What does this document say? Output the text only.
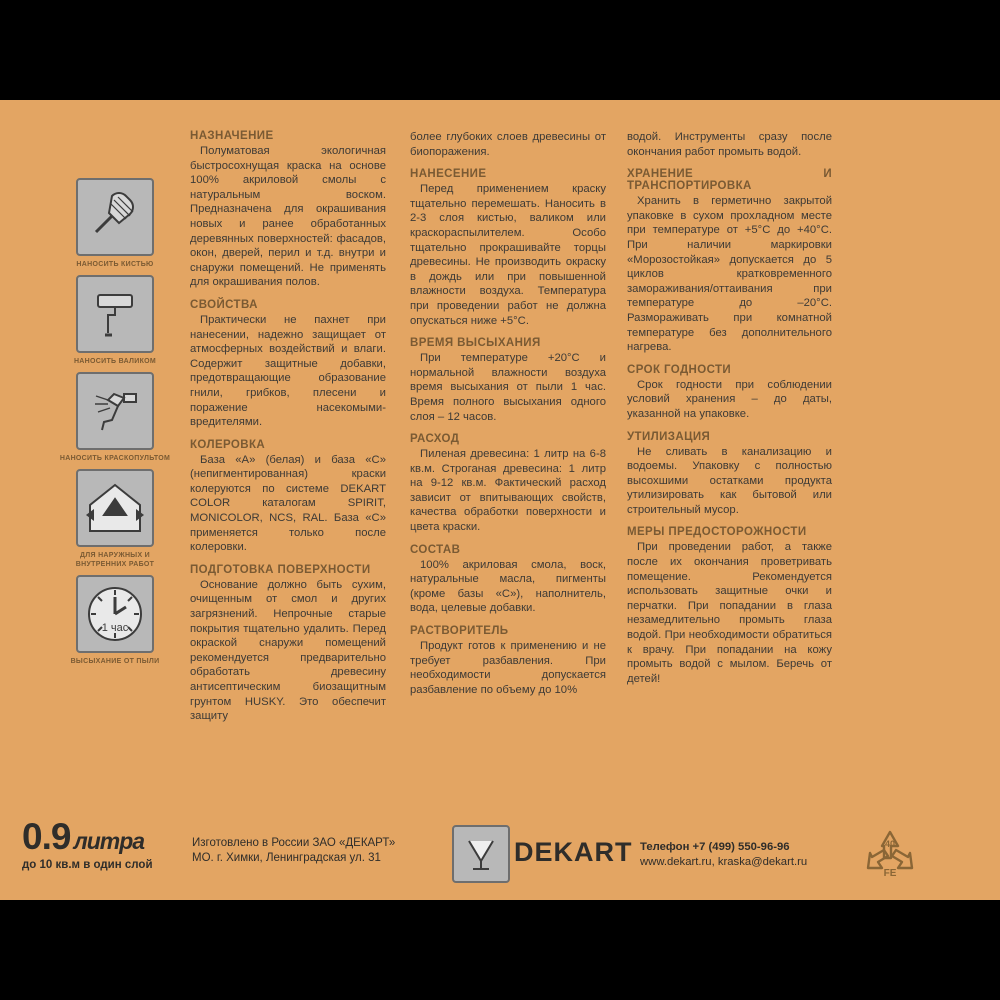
НАНОСИТЬ КИСТЬЮ
НАНОСИТЬ ВАЛИКОМ
НАНОСИТЬ КРАСКОПУЛЬТОМ
ДЛЯ НАРУЖНЫХ И ВНУТРЕННИХ РАБОТ
1 час
ВЫСЫХАНИЕ ОТ ПЫЛИ
НАЗНАЧЕНИЕ

Полуматовая экологичная быстросохнущая краска на основе 100% акриловой смолы с натуральным воском. Предназначена для окрашивания новых и ранее обработанных деревянных поверхностей: фасадов, окон, дверей, перил и т.д. внутри и снаружи помещений. Не применять для окрашивания полов.

СВОЙСТВА

Практически не пахнет при нанесении, надежно защищает от атмосферных воздействий и влаги. Содержит защитные добавки, предотвращающие образование гнили, грибков, плесени и поражение насекомыми-вредителями.

КОЛЕРОВКА

База «А» (белая) и база «С» (непигментированная) краски колеруются по системе DEKART COLOR каталогам SPIRIT, MONICOLOR, NCS, RAL. База «С» применяется только после колеровки.

ПОДГОТОВКА ПОВЕРХНОСТИ

Основание должно быть сухим, очищенным от смол и других загрязнений. Непрочные старые покрытия тщательно удалить. Перед окраской снаружи помещений рекомендуется предварительно обработать древесину антисептическим биозащитным грунтом HUSKY. Это обеспечит защиту

более глубоких слоев древесины от биопоражения.

НАНЕСЕНИЕ

Перед применением краску тщательно перемешать. Наносить в 2-3 слоя кистью, валиком или краскораспылителем. Особо тщательно прокрашивайте торцы древесины. Не производить окраску в дождь или при повышенной влажности воздуха. Температура при проведении работ не должна опускаться ниже +5°С.

ВРЕМЯ ВЫСЫХАНИЯ

При температуре +20°С и нормальной влажности воздуха время высыхания от пыли 1 час. Время полного высыхания одного слоя – 12 часов.

РАСХОД

Пиленая древесина: 1 литр на 6-8 кв.м. Строганая древесина: 1 литр на 9-12 кв.м. Фактический расход зависит от впитывающих свойств, качества обработки поверхности и цвета краски.

СОСТАВ

100% акриловая смола, воск, натуральные масла, пигменты (кроме базы «С»), наполнитель, вода, целевые добавки.

РАСТВОРИТЕЛЬ

Продукт готов к применению и не требует разбавления. При необходимости допускается разбавление по объему до 10%

водой. Инструменты сразу после окончания работ промыть водой.

ХРАНЕНИЕ И ТРАНСПОРТИРОВКА

Хранить в герметично закрытой упаковке в сухом прохладном месте при температуре от +5°С до +40°С. При наличии маркировки «Морозостойкая» допускается до 5 циклов кратковременного замораживания/оттаивания при температуре до –20°С. Размораживать при комнатной температуре без дополнительного нагрева.

СРОК ГОДНОСТИ

Срок годности при соблюдении условий хранения – до даты, указанной на упаковке.

УТИЛИЗАЦИЯ

Не сливать в канализацию и водоемы. Упаковку с полностью высохшими остатками продукта утилизировать как бытовой или строительный мусор.

МЕРЫ ПРЕДОСТОРОЖНОСТИ

При проведении работ, а также после их окончания проветривать помещение. Рекомендуется использовать защитные очки и перчатки. При попадании в глаза незамедлительно промыть глаза водой. При необходимости обратиться к врачу. При попадании на кожу промыть водой с мылом. Беречь от детей!

0.9 литра
до 10 кв.м в один слой
Изготовлено в России ЗАО «ДЕКАРТ»
МО. г. Химки, Ленинградская ул. 31	DEKART Телефон +7 (499) 550-96-96
www.dekart.ru, kraska@dekart.ru
40
FE
